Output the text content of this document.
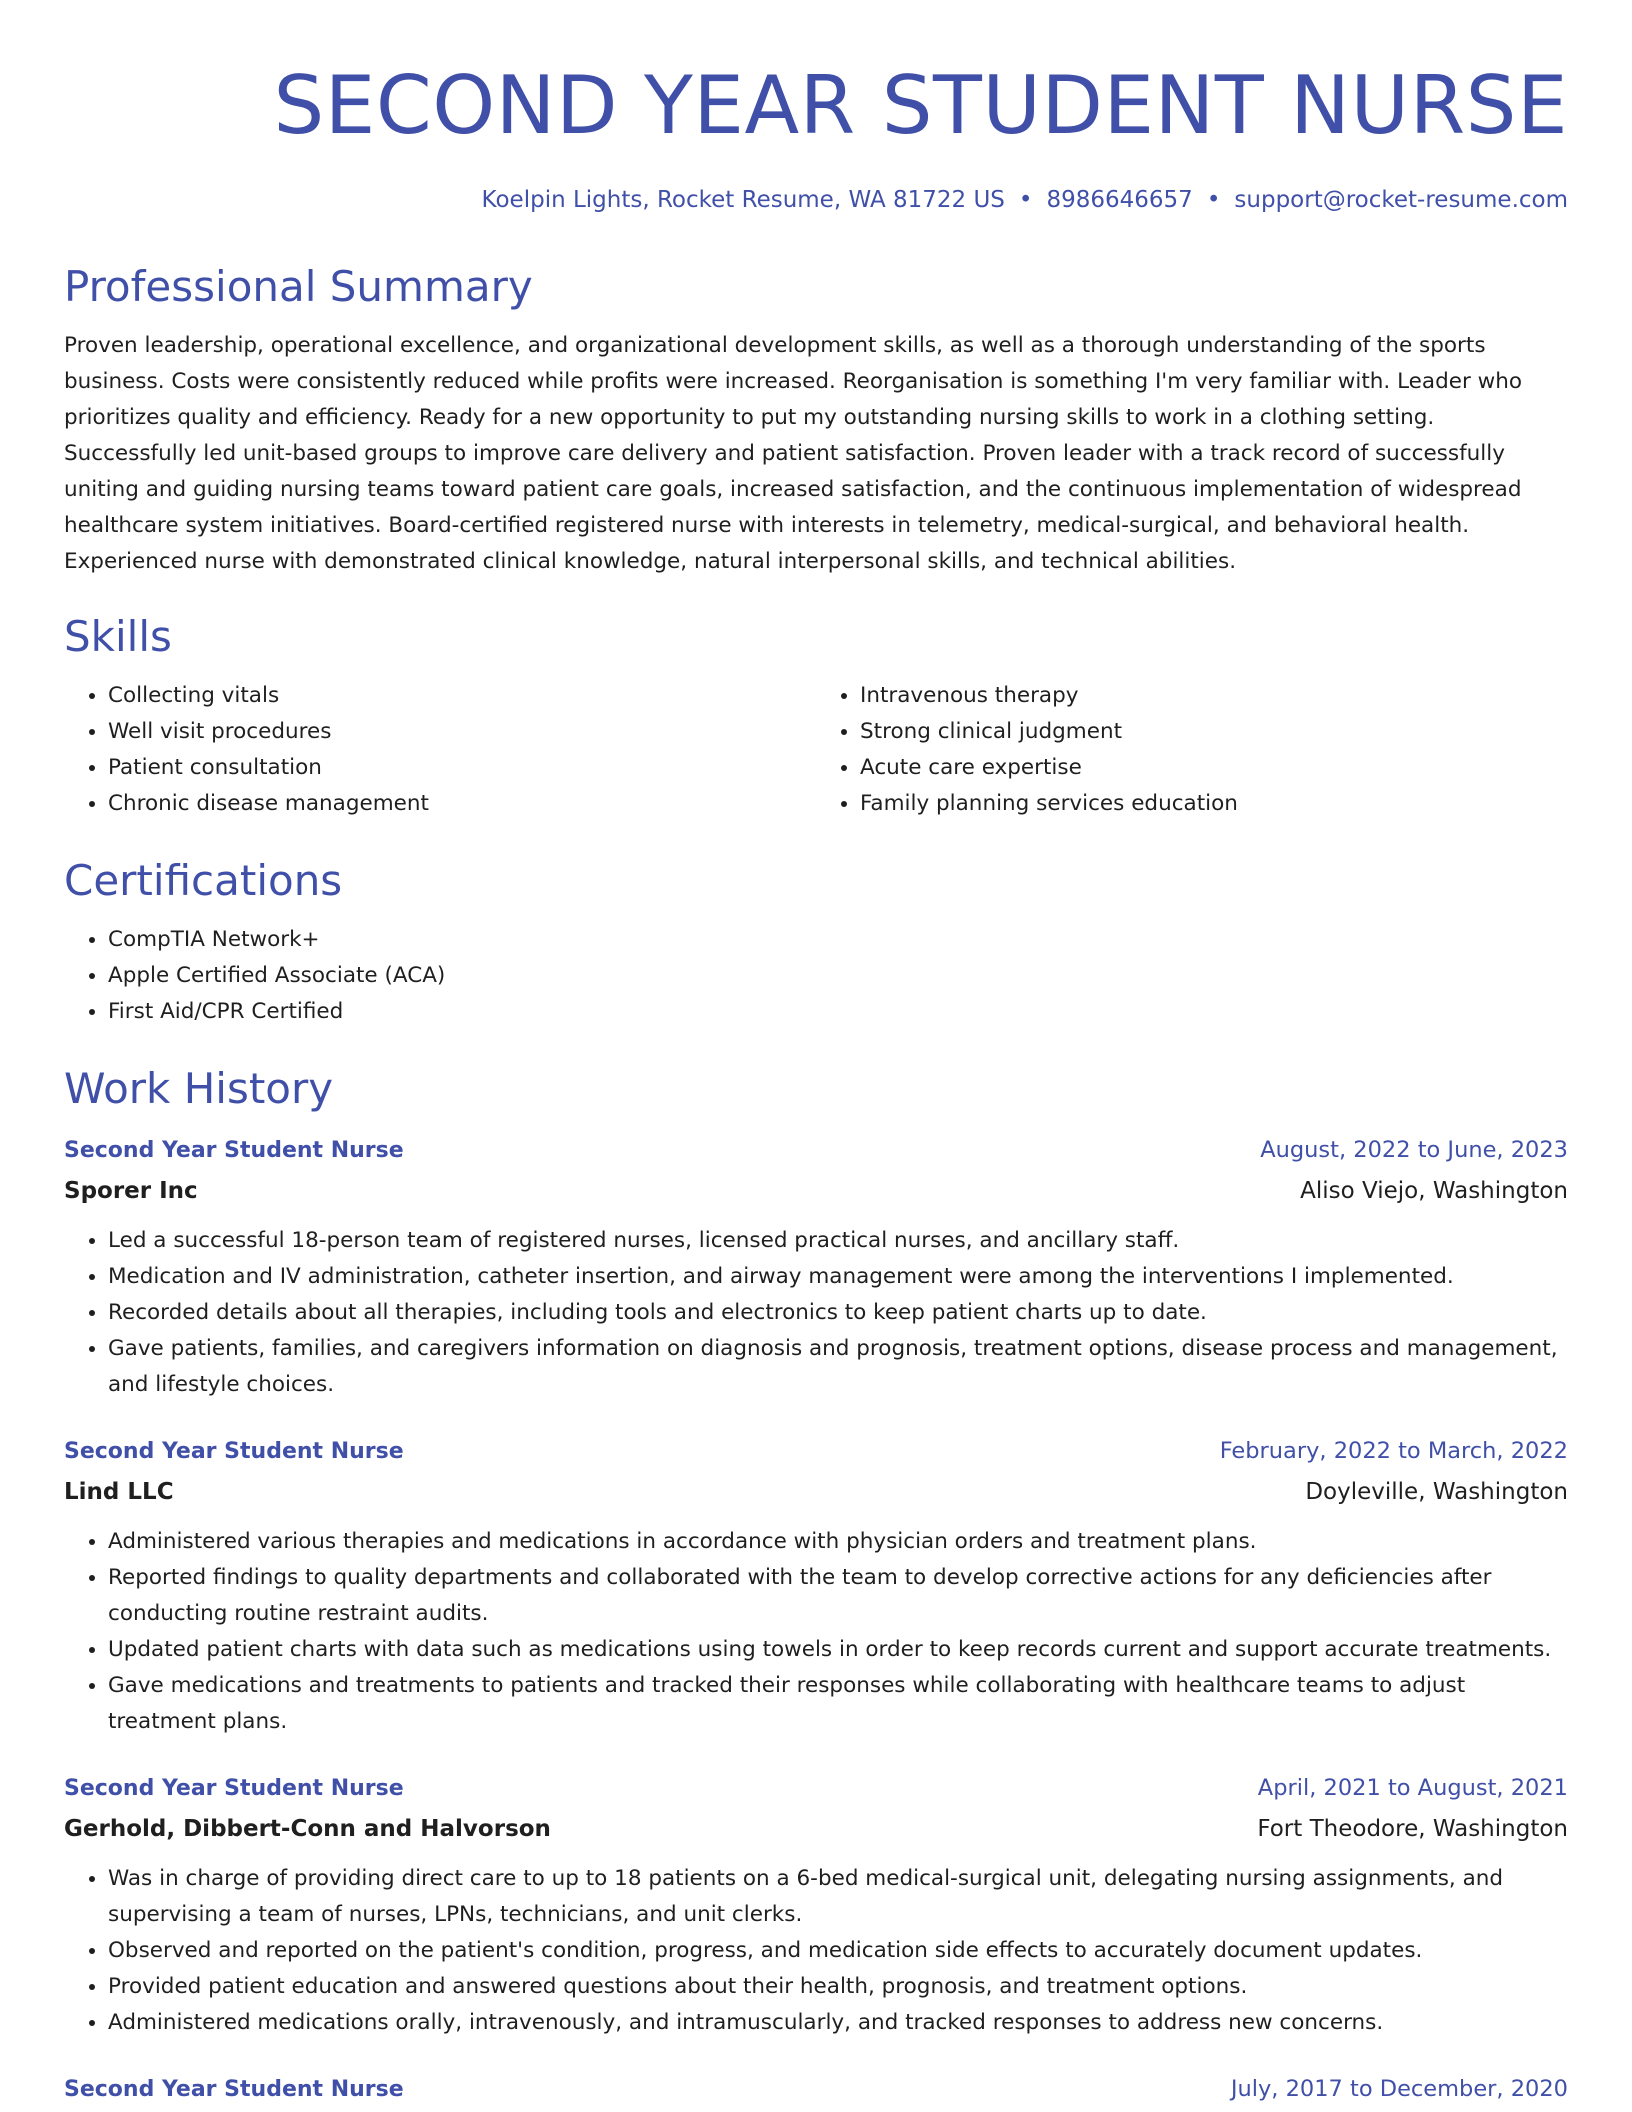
SECOND YEAR STUDENT NURSE
Koelpin Lights, Rocket Resume, WA 81722 US • 8986646657 • support@rocket-resume.com
Professional Summary

Proven leadership, operational excellence, and organizational development skills, as well as a thorough understanding of the sports business. Costs were consistently reduced while profits were increased. Reorganisation is something I'm very familiar with. Leader who prioritizes quality and efficiency. Ready for a new opportunity to put my outstanding nursing skills to work in a clothing setting. Successfully led unit-based groups to improve care delivery and patient satisfaction. Proven leader with a track record of successfully uniting and guiding nursing teams toward patient care goals, increased satisfaction, and the continuous implementation of widespread healthcare system initiatives. Board-certified registered nurse with interests in telemetry, medical-surgical, and behavioral health. Experienced nurse with demonstrated clinical knowledge, natural interpersonal skills, and technical abilities.

Skills
• Collecting vitals
• Well visit procedures
• Patient consultation
• Chronic disease management
• Intravenous therapy
• Strong clinical judgment
• Acute care expertise
• Family planning services education
Certifications
• CompTIA Network+
• Apple Certified Associate (ACA)
• First Aid/CPR Certified
Work History
Second Year Student Nurse	August, 2022 to June, 2023
Sporer Inc	Aliso Viejo, Washington
• Led a successful 18-person team of registered nurses, licensed practical nurses, and ancillary staff.
• Medication and IV administration, catheter insertion, and airway management were among the interventions I implemented.
• Recorded details about all therapies, including tools and electronics to keep patient charts up to date.
• Gave patients, families, and caregivers information on diagnosis and prognosis, treatment options, disease process and management, and lifestyle choices.
Second Year Student Nurse	February, 2022 to March, 2022
Lind LLC	Doyleville, Washington
• Administered various therapies and medications in accordance with physician orders and treatment plans.
• Reported findings to quality departments and collaborated with the team to develop corrective actions for any deficiencies after conducting routine restraint audits.
• Updated patient charts with data such as medications using towels in order to keep records current and support accurate treatments.
• Gave medications and treatments to patients and tracked their responses while collaborating with healthcare teams to adjust treatment plans.
Second Year Student Nurse	April, 2021 to August, 2021
Gerhold, Dibbert-Conn and Halvorson	Fort Theodore, Washington
• Was in charge of providing direct care to up to 18 patients on a 6-bed medical-surgical unit, delegating nursing assignments, and supervising a team of nurses, LPNs, technicians, and unit clerks.
• Observed and reported on the patient's condition, progress, and medication side effects to accurately document updates.
• Provided patient education and answered questions about their health, prognosis, and treatment options.
• Administered medications orally, intravenously, and intramuscularly, and tracked responses to address new concerns.
Second Year Student Nurse	July, 2017 to December, 2020
